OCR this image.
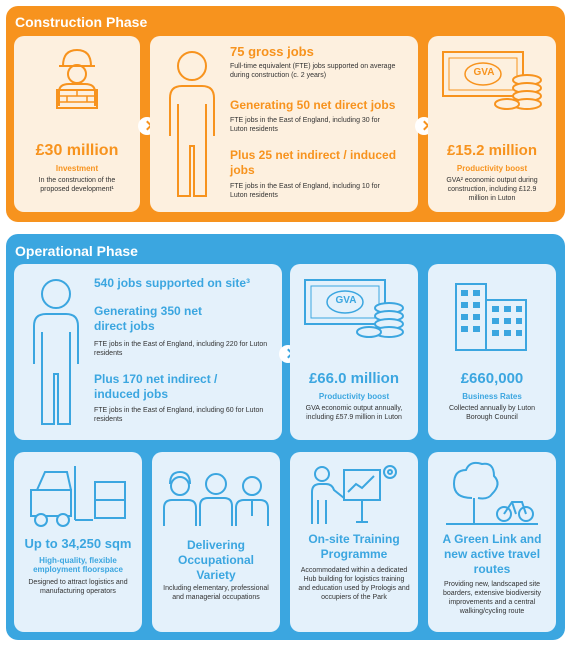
Construction Phase
£30 million
Investment
In the construction of the proposed development¹
75 gross jobs
Full-time equivalent (FTE) jobs supported on average during construction (c. 2 years)
Generating 50 net direct jobs
FTE jobs in the East of England, including 30 for Luton residents
Plus 25 net indirect / induced jobs
FTE jobs in the East of England, including 10 for Luton residents
GVA
£15.2 million
Productivity boost
GVA² economic output during construction, including £12.9 million in Luton
Operational Phase
540 jobs supported on site³
Generating 350 net direct jobs
FTE jobs in the East of England, including 220 for Luton residents
Plus 170 net indirect / induced jobs
FTE jobs in the East of England, including 60 for Luton residents
GVA
£66.0 million
Productivity boost
GVA economic output annually, including £57.9 million in Luton
£660,000
Business Rates
Collected annually by Luton Borough Council
Up to 34,250 sqm
High-quality, flexible employment floorspace
Designed to attract logistics and manufacturing operators
Delivering Occupational Variety
Including elementary, professional and managerial occupations
On-site Training Programme
Accommodated within a dedicated Hub building for logistics training and education used by Prologis and occupiers of the Park
A Green Link and new active travel routes
Providing new, landscaped site boarders, extensive biodiversity improvements and a central walking/cycling route
